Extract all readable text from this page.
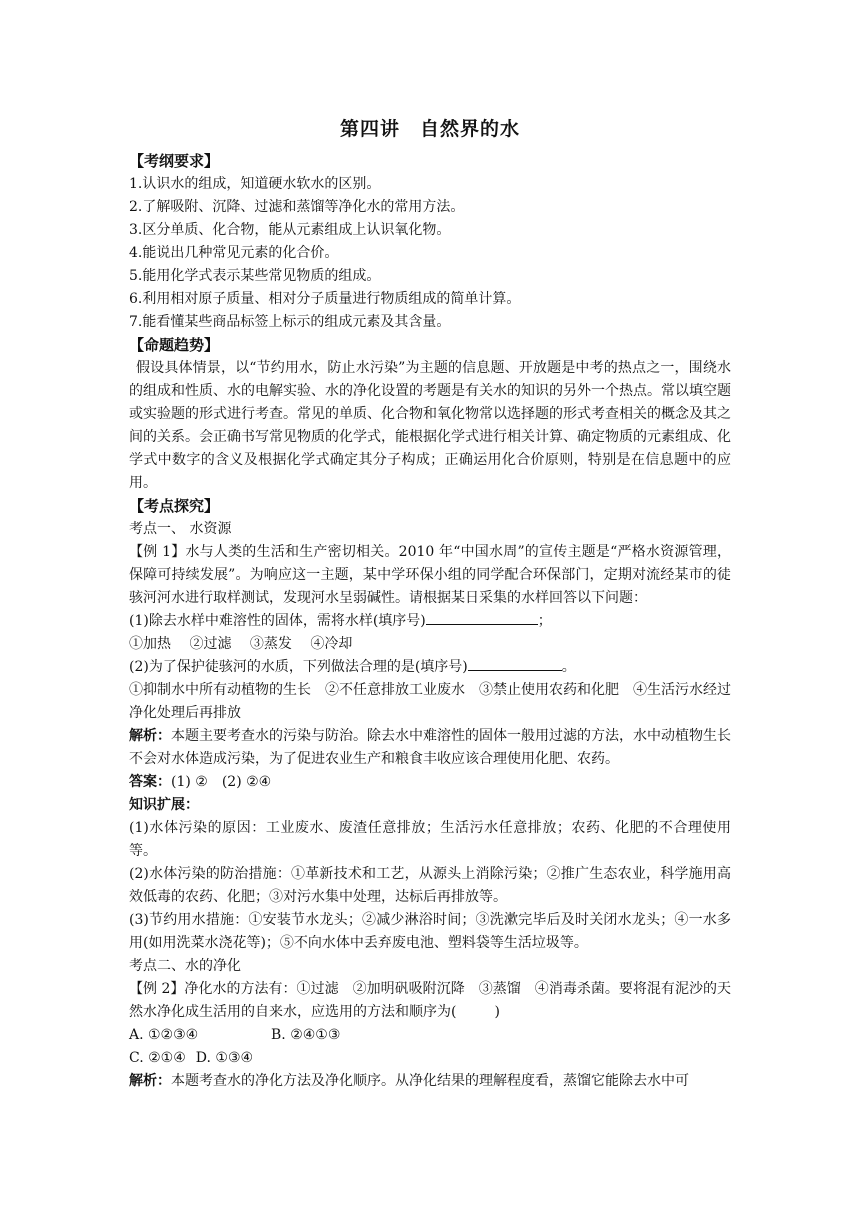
第四讲　自然界的水
【考纲要求】
1.认识水的组成，知道硬水软水的区别。
2.了解吸附、沉降、过滤和蒸馏等净化水的常用方法。
3.区分单质、化合物，能从元素组成上认识氧化物。
4.能说出几种常见元素的化合价。
5.能用化学式表示某些常见物质的组成。
6.利用相对原子质量、相对分子质量进行物质组成的简单计算。
7.能看懂某些商品标签上标示的组成元素及其含量。
【命题趋势】
假设具体情景，以“节约用水，防止水污染”为主题的信息题、开放题是中考的热点之一，围绕水的组成和性质、水的电解实验、水的净化设置的考题是有关水的知识的另外一个热点。常以填空题或实验题的形式进行考查。常见的单质、化合物和氧化物常以选择题的形式考查相关的概念及其之间的关系。会正确书写常见物质的化学式，能根据化学式进行相关计算、确定物质的元素组成、化学式中数字的含义及根据化学式确定其分子构成；正确运用化合价原则，特别是在信息题中的应用。
【考点探究】
考点一、 水资源
【例 1】水与人类的生活和生产密切相关。2010 年“中国水周”的宣传主题是“严格水资源管理，保障可持续发展”。为响应这一主题，某中学环保小组的同学配合环保部门，定期对流经某市的徒骇河河水进行取样测试，发现河水呈弱碱性。请根据某日采集的水样回答以下问题：
(1)除去水样中难溶性的固体，需将水样(填序号)	；
①加热　 ②过滤　 ③蒸发　 ④冷却
(2)为了保护徒骇河的水质，下列做法合理的是(填序号)	。
①抑制水中所有动植物的生长　②不任意排放工业废水　③禁止使用农药和化肥　④生活污水经过净化处理后再排放
解析：本题主要考查水的污染与防治。除去水中难溶性的固体一般用过滤的方法，水中动植物生长不会对水体造成污染，为了促进农业生产和粮食丰收应该合理使用化肥、农药。
答案：(1) ②　(2) ②④
知识扩展：
(1)水体污染的原因：工业废水、废渣任意排放；生活污水任意排放；农药、化肥的不合理使用等。
(2)水体污染的防治措施：①革新技术和工艺，从源头上消除污染；②推广生态农业，科学施用高效低毒的农药、化肥；③对污水集中处理，达标后再排放等。
(3)节约用水措施：①安装节水龙头；②减少淋浴时间；③洗漱完毕后及时关闭水龙头；④一水多用(如用洗菜水浇花等)；⑤不向水体中丢弃废电池、塑料袋等生活垃圾等。
考点二、水的净化
【例 2】净化水的方法有：①过滤　②加明矾吸附沉降　③蒸馏　④消毒杀菌。要将混有泥沙的天然水净化成生活用的自来水，应选用的方法和顺序为(	)
A. ①②③④	B. ②④①③
C. ②①④ D. ①③④
解析：本题考查水的净化方法及净化顺序。从净化结果的理解程度看，蒸馏它能除去水中可
